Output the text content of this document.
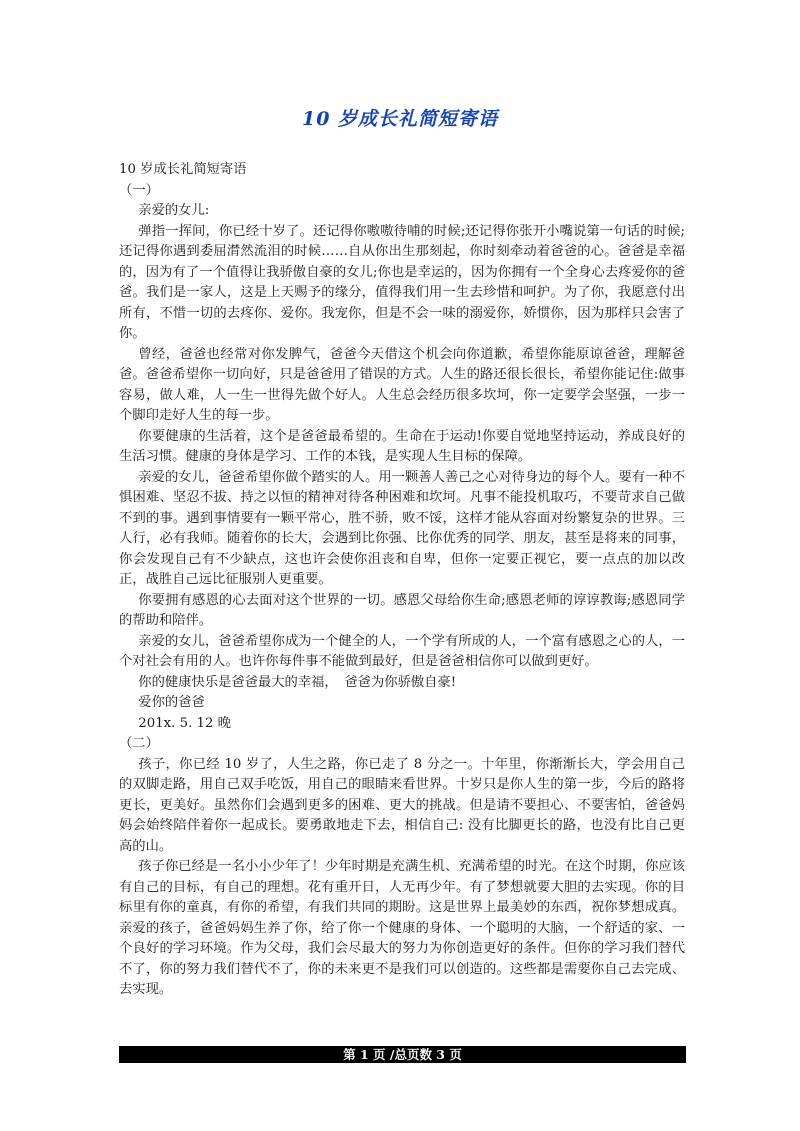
10 岁成长礼简短寄语

10 岁成长礼简短寄语

（一）

亲爱的女儿:

弹指一挥间，你已经十岁了。还记得你嗷嗷待哺的时候;还记得你张开小嘴说第一句话的时候;还记得你遇到委屈潸然流泪的时候……自从你出生那刻起，你时刻牵动着爸爸的心。爸爸是幸福的，因为有了一个值得让我骄傲自豪的女儿;你也是幸运的，因为你拥有一个全身心去疼爱你的爸爸。我们是一家人，这是上天赐予的缘分，值得我们用一生去珍惜和呵护。为了你，我愿意付出所有，不惜一切的去疼你、爱你。我宠你，但是不会一味的溺爱你，娇惯你，因为那样只会害了你。

曾经，爸爸也经常对你发脾气，爸爸今天借这个机会向你道歉，希望你能原谅爸爸，理解爸爸。爸爸希望你一切向好，只是爸爸用了错误的方式。人生的路还很长很长，希望你能记住:做事容易，做人难，人一生一世得先做个好人。人生总会经历很多坎坷，你一定要学会坚强，一步一个脚印走好人生的每一步。

你要健康的生活着，这个是爸爸最希望的。生命在于运动!你要自觉地坚持运动，养成良好的生活习惯。健康的身体是学习、工作的本钱，是实现人生目标的保障。

亲爱的女儿，爸爸希望你做个踏实的人。用一颗善人善己之心对待身边的每个人。要有一种不惧困难、坚忍不拔、持之以恒的精神对待各种困难和坎坷。凡事不能投机取巧，不要苛求自己做不到的事。遇到事情要有一颗平常心，胜不骄，败不馁，这样才能从容面对纷繁复杂的世界。三人行，必有我师。随着你的长大，会遇到比你强、比你优秀的同学、朋友，甚至是将来的同事，你会发现自己有不少缺点，这也许会使你沮丧和自卑，但你一定要正视它，要一点点的加以改正，战胜自己远比征服别人更重要。

你要拥有感恩的心去面对这个世界的一切。感恩父母给你生命;感恩老师的谆谆教诲;感恩同学的帮助和陪伴。

亲爱的女儿，爸爸希望你成为一个健全的人，一个学有所成的人，一个富有感恩之心的人，一个对社会有用的人。也许你每件事不能做到最好，但是爸爸相信你可以做到更好。

你的健康快乐是爸爸最大的幸福，　爸爸为你骄傲自豪!

爱你的爸爸

201x. 5. 12 晚

（二）

孩子，你已经 10 岁了，人生之路，你已走了 8 分之一。十年里，你渐渐长大，学会用自己的双脚走路，用自己双手吃饭，用自己的眼睛来看世界。十岁只是你人生的第一步，今后的路将更长，更美好。虽然你们会遇到更多的困难、更大的挑战。但是请不要担心、不要害怕，爸爸妈妈会始终陪伴着你一起成长。要勇敢地走下去，相信自己: 没有比脚更长的路，也没有比自己更高的山。

孩子你已经是一名小小少年了！少年时期是充满生机、充满希望的时光。在这个时期，你应该有自己的目标，有自己的理想。花有重开日，人无再少年。有了梦想就要大胆的去实现。你的目标里有你的童真，有你的希望，有我们共同的期盼。这是世界上最美妙的东西，祝你梦想成真。亲爱的孩子，爸爸妈妈生养了你，给了你一个健康的身体、一个聪明的大脑，一个舒适的家、一个良好的学习环境。作为父母，我们会尽最大的努力为你创造更好的条件。但你的学习我们替代不了，你的努力我们替代不了，你的未来更不是我们可以创造的。这些都是需要你自己去完成、去实现。

第 1 页 /总页数 3 页
